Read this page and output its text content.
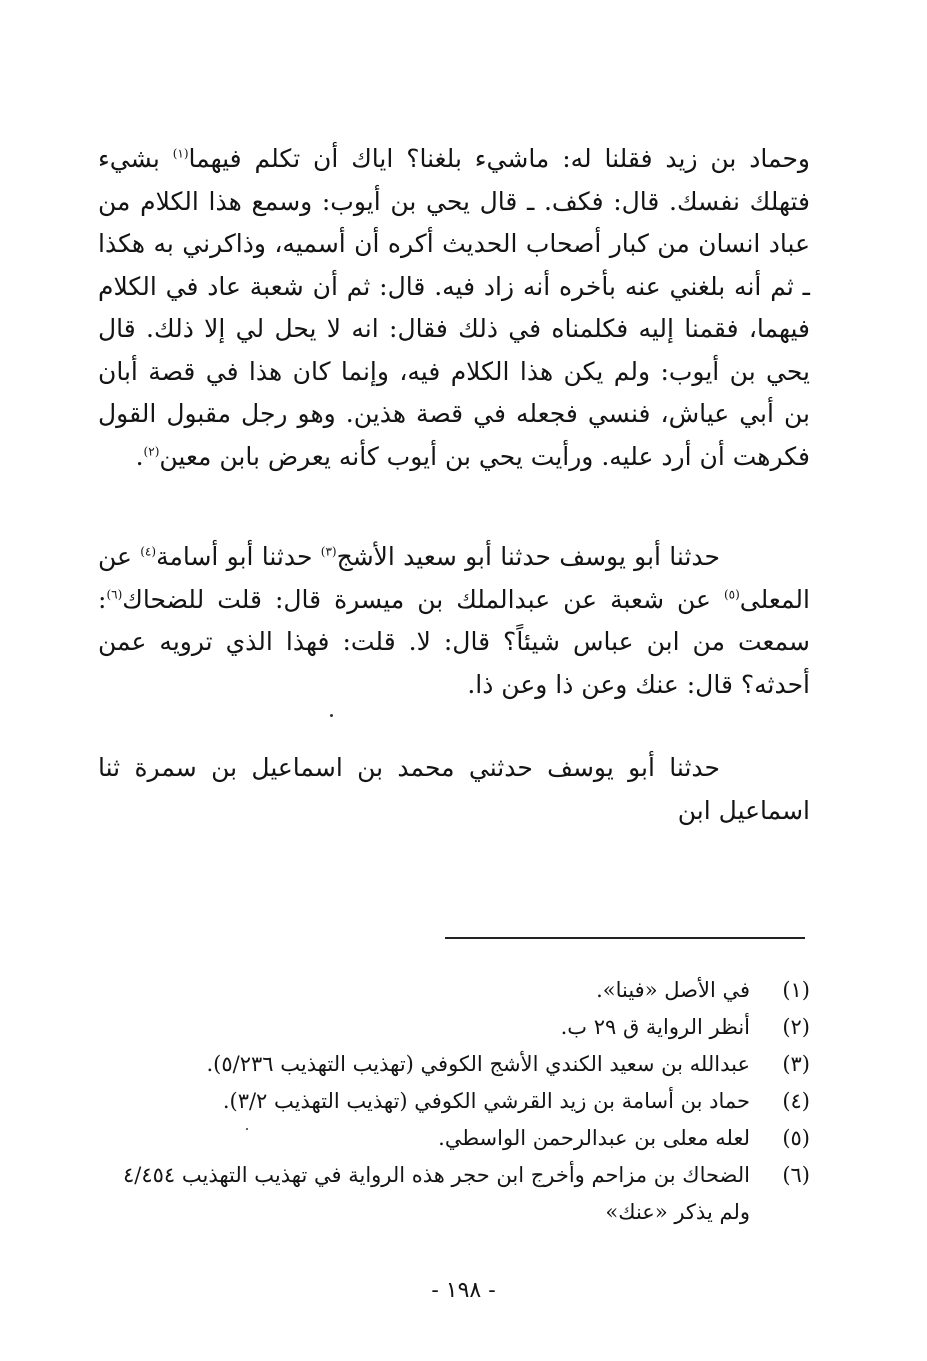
وحماد بن زيد فقلنا له: ماشيء بلغنا؟ اياك أن تكلم فيهما$^{(١)}$ بشيء فتهلك نفسك. قال: فكف. ـ قال يحي بن أيوب: وسمع هذا الكلام من عباد انسان من كبار أصحاب الحديث أكره أن أسميه، وذاكرني به هكذا ـ ثم أنه بلغني عنه بأخره أنه زاد فيه. قال: ثم أن شعبة عاد في الكلام فيهما، فقمنا إليه فكلمناه في ذلك فقال: انه لا يحل لي إلا ذلك. قال يحي بن أيوب: ولم يكن هذا الكلام فيه، وإنما كان هذا في قصة أبان بن أبي عياش، فنسي فجعله في قصة هذين. وهو رجل مقبول القول فكرهت أن أرد عليه. ورأيت يحي بن أيوب كأنه يعرض بابن معين$^{(٢)}$.

حدثنا أبو يوسف حدثنا أبو سعيد الأشج$^{(٣)}$ حدثنا أبو أسامة$^{(٤)}$ عن المعلى$^{(٥)}$ عن شعبة عن عبدالملك بن ميسرة قال: قلت للضحاك$^{(٦)}$: سمعت من ابن عباس شيئاً؟ قال: لا. قلت: فهذا الذي ترويه عمن أحدثه؟ قال: عنك وعن ذا وعن ذا.

حدثنا أبو يوسف حدثني محمد بن اسماعيل بن سمرة ثنا اسماعيل ابن

(١)
في الأصل «فينا».
(٢)
أنظر الرواية ق ٢٩ ب.
(٣)
عبدالله بن سعيد الكندي الأشج الكوفي (تهذيب التهذيب ٥/٢٣٦).
(٤)
حماد بن أسامة بن زيد القرشي الكوفي (تهذيب التهذيب ٣/٢).
(٥)
لعله معلى بن عبدالرحمن الواسطي.
(٦)
الضحاك بن مزاحم وأخرج ابن حجر هذه الرواية في تهذيب التهذيب ٤/٤٥٤ ولم يذكر «عنك»
- ١٩٨ -
